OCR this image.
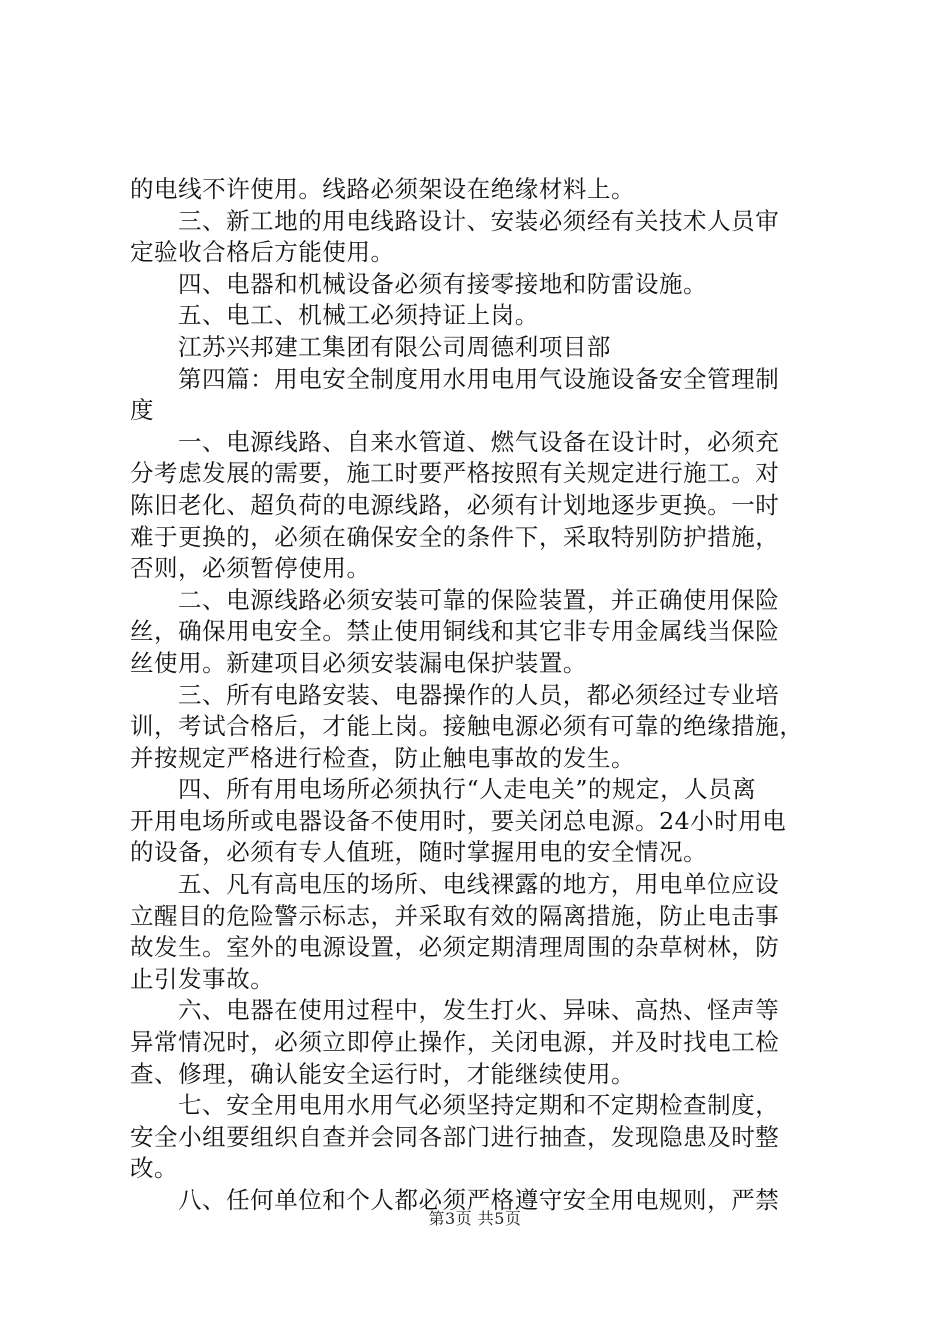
的电线不许使用。线路必须架设在绝缘材料上。
三、新工地的用电线路设计、安装必须经有关技术人员审
定验收合格后方能使用。
四、电器和机械设备必须有接零接地和防雷设施。
五、电工、机械工必须持证上岗。
江苏兴邦建工集团有限公司周德利项目部
第四篇：用电安全制度用水用电用气设施设备安全管理制
度
一、电源线路、自来水管道、燃气设备在设计时，必须充
分考虑发展的需要，施工时要严格按照有关规定进行施工。对
陈旧老化、超负荷的电源线路，必须有计划地逐步更换。一时
难于更换的，必须在确保安全的条件下，采取特别防护措施，
否则，必须暂停使用。
二、电源线路必须安装可靠的保险装置，并正确使用保险
丝，确保用电安全。禁止使用铜线和其它非专用金属线当保险
丝使用。新建项目必须安装漏电保护装置。
三、所有电路安装、电器操作的人员，都必须经过专业培
训，考试合格后，才能上岗。接触电源必须有可靠的绝缘措施，
并按规定严格进行检查，防止触电事故的发生。
四、所有用电场所必须执行“人走电关”的规定，人员离
开用电场所或电器设备不使用时，要关闭总电源。24小时用电
的设备，必须有专人值班，随时掌握用电的安全情况。
五、凡有高电压的场所、电线裸露的地方，用电单位应设
立醒目的危险警示标志，并采取有效的隔离措施，防止电击事
故发生。室外的电源设置，必须定期清理周围的杂草树林，防
止引发事故。
六、电器在使用过程中，发生打火、异味、高热、怪声等
异常情况时，必须立即停止操作，关闭电源，并及时找电工检
查、修理，确认能安全运行时，才能继续使用。
七、安全用电用水用气必须坚持定期和不定期检查制度，
安全小组要组织自查并会同各部门进行抽查，发现隐患及时整
改。
八、任何单位和个人都必须严格遵守安全用电规则，严禁
第3页 共5页
